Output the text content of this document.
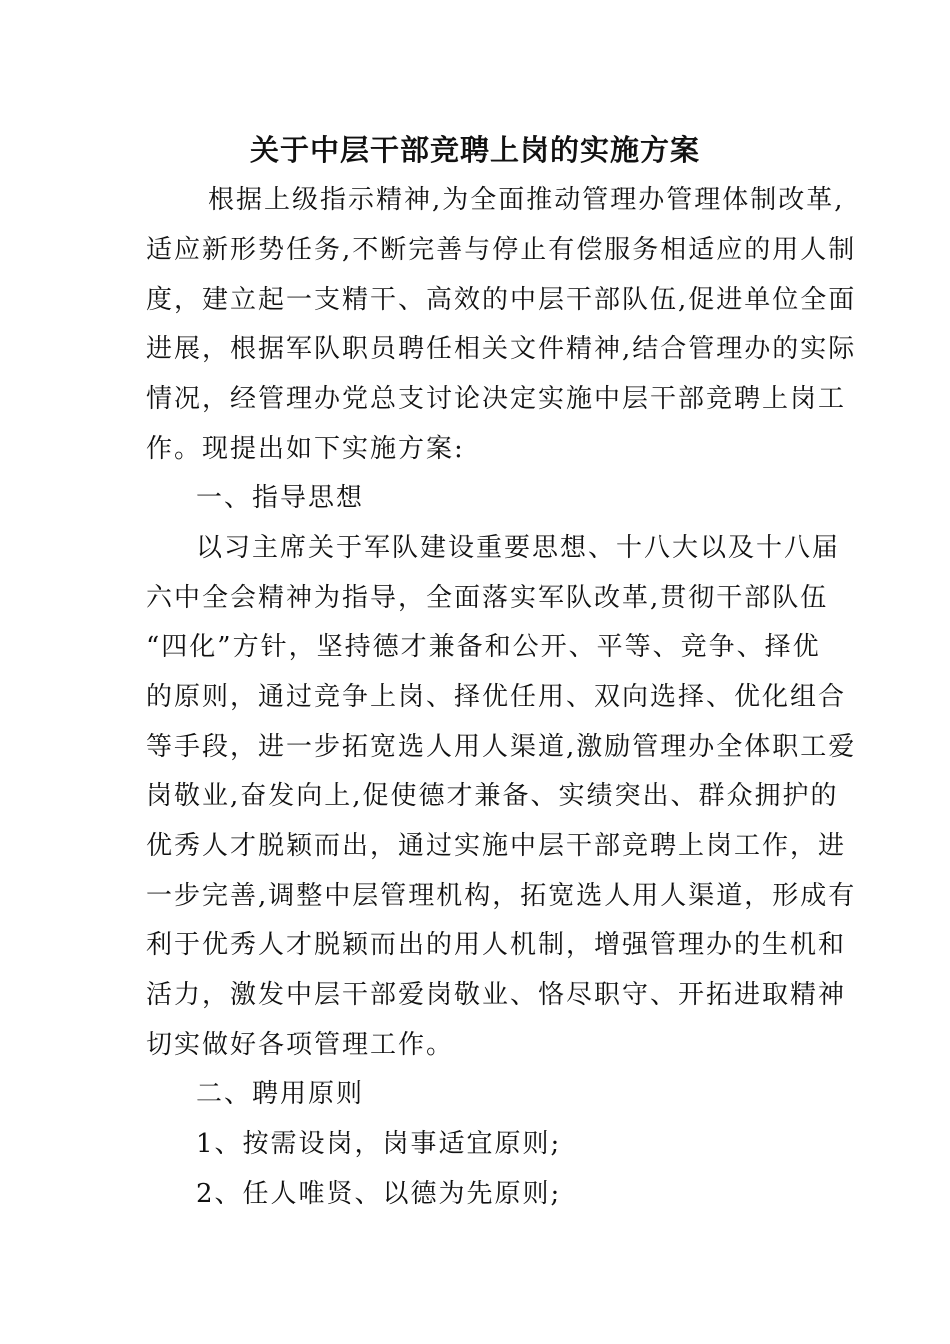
关于中层干部竞聘上岗的实施方案
根据上级指示精神,为全面推动管理办管理体制改革,
适应新形势任务,不断完善与停止有偿服务相适应的用人制
度，建立起一支精干、高效的中层干部队伍,促进单位全面
进展，根据军队职员聘任相关文件精神,结合管理办的实际
情况，经管理办党总支讨论决定实施中层干部竞聘上岗工
作。现提出如下实施方案:
一、指导思想
以习主席关于军队建设重要思想、十八大以及十八届
六中全会精神为指导，全面落实军队改革,贯彻干部队伍
“四化”方针，坚持德才兼备和公开、平等、竞争、择优
的原则，通过竞争上岗、择优任用、双向选择、优化组合
等手段，进一步拓宽选人用人渠道,激励管理办全体职工爱
岗敬业,奋发向上,促使德才兼备、实绩突出、群众拥护的
优秀人才脱颖而出，通过实施中层干部竞聘上岗工作，进
一步完善,调整中层管理机构，拓宽选人用人渠道，形成有
利于优秀人才脱颖而出的用人机制，增强管理办的生机和
活力，激发中层干部爱岗敬业、恪尽职守、开拓进取精神
切实做好各项管理工作。
二、聘用原则
1、按需设岗，岗事适宜原则;
2、任人唯贤、以德为先原则;
